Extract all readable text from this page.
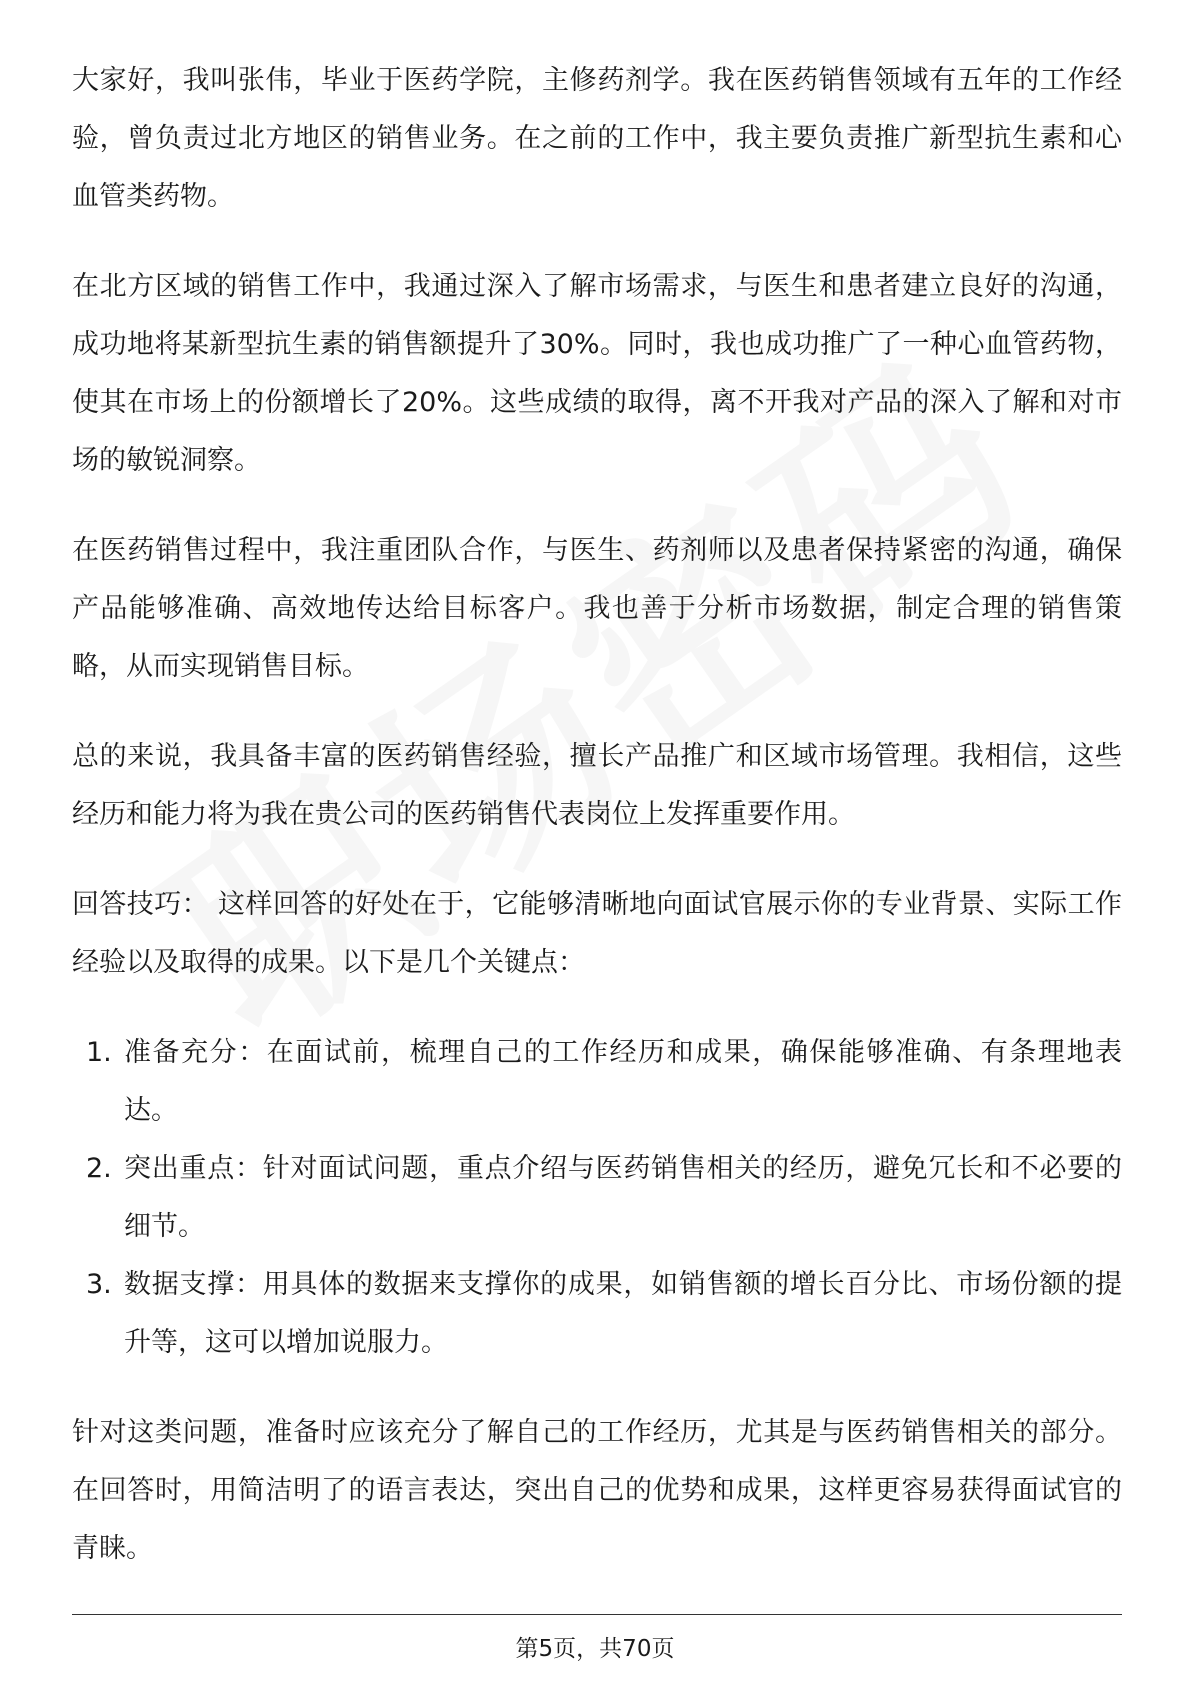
大家好，我叫张伟，毕业于医药学院，主修药剂学。我在医药销售领域有五年的工作经验，曾负责过北方地区的销售业务。在之前的工作中，我主要负责推广新型抗生素和心血管类药物。

在北方区域的销售工作中，我通过深入了解市场需求，与医生和患者建立良好的沟通，成功地将某新型抗生素的销售额提升了30%。同时，我也成功推广了一种心血管药物，使其在市场上的份额增长了20%。这些成绩的取得，离不开我对产品的深入了解和对市场的敏锐洞察。

在医药销售过程中，我注重团队合作，与医生、药剂师以及患者保持紧密的沟通，确保产品能够准确、高效地传达给目标客户。我也善于分析市场数据，制定合理的销售策略，从而实现销售目标。

总的来说，我具备丰富的医药销售经验，擅长产品推广和区域市场管理。我相信，这些经历和能力将为我在贵公司的医药销售代表岗位上发挥重要作用。

回答技巧： 这样回答的好处在于，它能够清晰地向面试官展示你的专业背景、实际工作经验以及取得的成果。以下是几个关键点：

1. 准备充分：在面试前，梳理自己的工作经历和成果，确保能够准确、有条理地表达。
2. 突出重点：针对面试问题，重点介绍与医药销售相关的经历，避免冗长和不必要的细节。
3. 数据支撑：用具体的数据来支撑你的成果，如销售额的增长百分比、市场份额的提升等，这可以增加说服力。

针对这类问题，准备时应该充分了解自己的工作经历，尤其是与医药销售相关的部分。在回答时，用简洁明了的语言表达，突出自己的优势和成果，这样更容易获得面试官的青睐。

第5页，共70页
